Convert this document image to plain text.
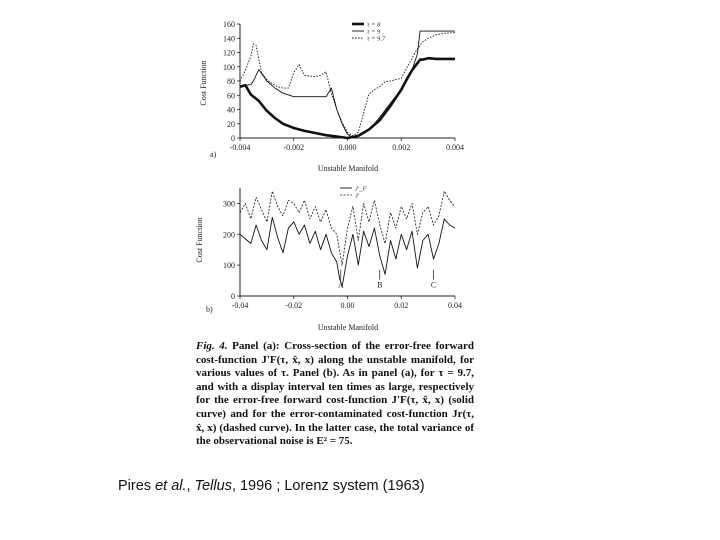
0
20
40
60
80
100
120
140
160
-0.004	-0.002	0.000	0.002	0.004
τ = 8
τ = 9
τ = 9.7
a)
Unstable Manifold
Cost Function
0
100
200
300
-0.04	-0.02	0.00	0.02	0.04
J'_F
J'
A	B	C
b)
Unstable Manifold
Cost Function
Fig. 4. Panel (a): Cross-section of the error-free forward cost-function J'F(τ, x̂, x) along the unstable manifold, for various values of τ. Panel (b). As in panel (a), for τ = 9.7, and with a display interval ten times as large, respectively for the error-free forward cost-function J'F(τ, x̂, x) (solid curve) and for the error-contaminated cost-function Jr(τ, x̂, x) (dashed curve). In the latter case, the total variance of the observational noise is E² = 75.
Pires et al., Tellus, 1996 ; Lorenz system (1963)
